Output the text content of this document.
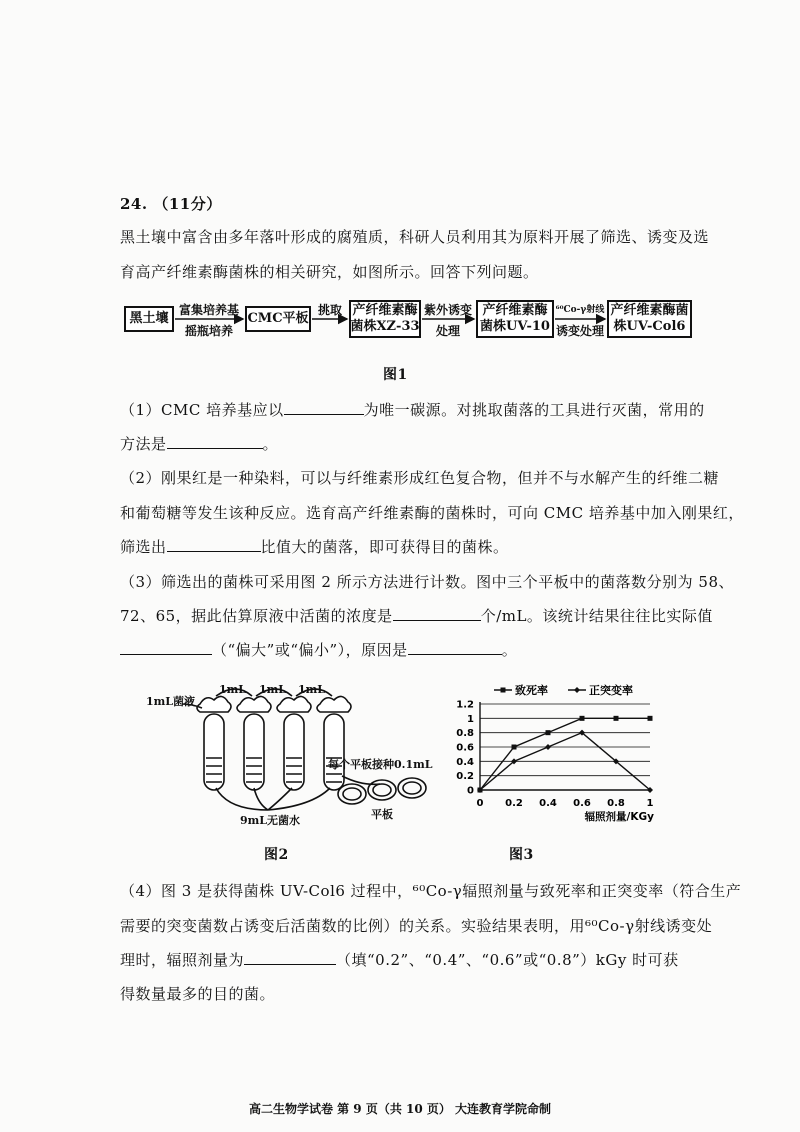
24. （11分）
黑土壤中富含由多年落叶形成的腐殖质，科研人员利用其为原料开展了筛选、诱变及选
育高产纤维素酶菌株的相关研究，如图所示。回答下列问题。
黑土壤	CMC平板
产纤维素酶
菌株XZ-33
产纤维素酶
菌株UV-10
产纤维素酶菌
株UV-Col6
富集培养基
摇瓶培养
挑取	紫外诱变
处理
⁶⁰Co-γ射线
诱变处理
图1
（1）CMC 培养基应以	为唯一碳源。对挑取菌落的工具进行灭菌，常用的
方法是	。
（2）刚果红是一种染料，可以与纤维素形成红色复合物，但并不与水解产生的纤维二糖
和葡萄糖等发生该种反应。选育高产纤维素酶的菌株时，可向 CMC 培养基中加入刚果红，
筛选出	比值大的菌落，即可获得目的菌株。
（3）筛选出的菌株可采用图 2 所示方法进行计数。图中三个平板中的菌落数分别为 58、
72、65，据此估算原液中活菌的浓度是	个/mL。该统计结果往往比实际值
（“偏大”或“偏小”），原因是	。
1mL菌液
1mL 1mL 1mL
每个平板接种0.1mL
平板
9mL无菌水
图2
0
0.2
0.4
0.6
0.8
1
1.2
0 0.2 0.4 0.6 0.8 1
辐照剂量/KGy
致死率	正突变率
图3
（4）图 3 是获得菌株 UV-Col6 过程中，⁶⁰Co-γ辐照剂量与致死率和正突变率（符合生产
需要的突变菌数占诱变后活菌数的比例）的关系。实验结果表明，用⁶⁰Co-γ射线诱变处
理时，辐照剂量为	（填“0.2”、“0.4”、“0.6”或“0.8”）kGy 时可获
得数量最多的目的菌。
高二生物学试卷 第 9 页（共 10 页） 大连教育学院命制
